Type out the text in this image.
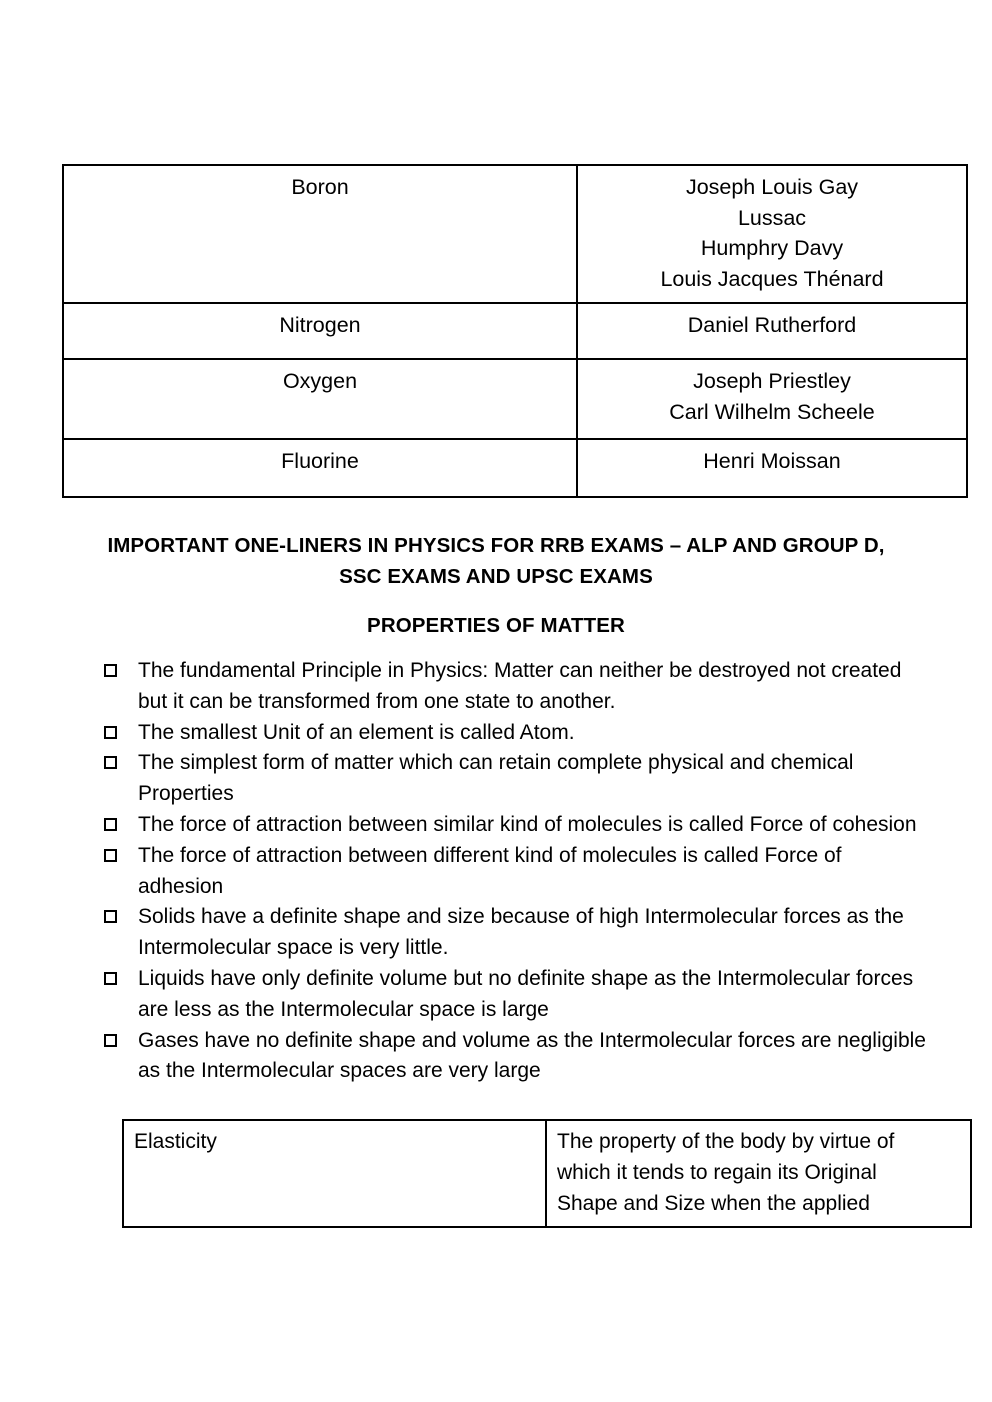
Boron	Joseph Louis Gay
Lussac
Humphry Davy
Louis Jacques Thénard

Nitrogen	Daniel Rutherford

Oxygen	Joseph Priestley
Carl Wilhelm Scheele

Fluorine	Henri Moissan
IMPORTANT ONE-LINERS IN PHYSICS FOR RRB EXAMS – ALP AND GROUP D, SSC EXAMS AND UPSC EXAMS
PROPERTIES OF MATTER
The fundamental Principle in Physics: Matter can neither be destroyed not created but it can be transformed from one state to another.
The smallest Unit of an element is called Atom.
The simplest form of matter which can retain complete physical and chemical Properties
The force of attraction between similar kind of molecules is called Force of cohesion
The force of attraction between different kind of molecules is called Force of adhesion
Solids have a definite shape and size because of high Intermolecular forces as the Intermolecular space is very little.
Liquids have only definite volume but no definite shape as the Intermolecular forces are less as the Intermolecular space is large
Gases have no definite shape and volume as the Intermolecular forces are negligible as the Intermolecular spaces are very large
Elasticity	The property of the body by virtue of
which it tends to regain its Original
Shape and Size when the applied
